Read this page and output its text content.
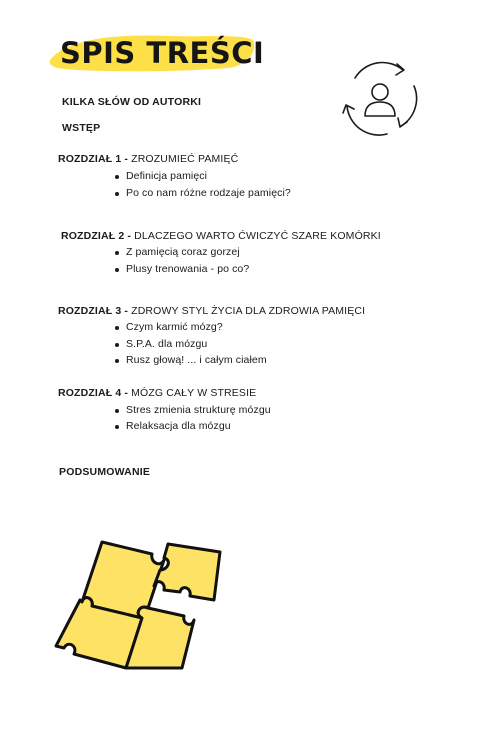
SPIS TREŚCI
KILKA SŁÓW OD AUTORKI
WSTĘP
ROZDZIAŁ 1 - ZROZUMIEĆ PAMIĘĆ
Definicja pamięci
Po co nam różne rodzaje pamięci?
ROZDZIAŁ 2 - DLACZEGO WARTO ĆWICZYĆ SZARE KOMÓRKI
Z pamięcią coraz gorzej
Plusy trenowania - po co?
ROZDZIAŁ 3 - ZDROWY STYL ŻYCIA DLA ZDROWIA PAMIĘCI
Czym karmić mózg?
S.P.A. dla mózgu
Rusz głową! ... i całym ciałem
ROZDZIAŁ 4 - MÓZG CAŁY W STRESIE
Stres zmienia strukturę mózgu
Relaksacja dla mózgu
PODSUMOWANIE
